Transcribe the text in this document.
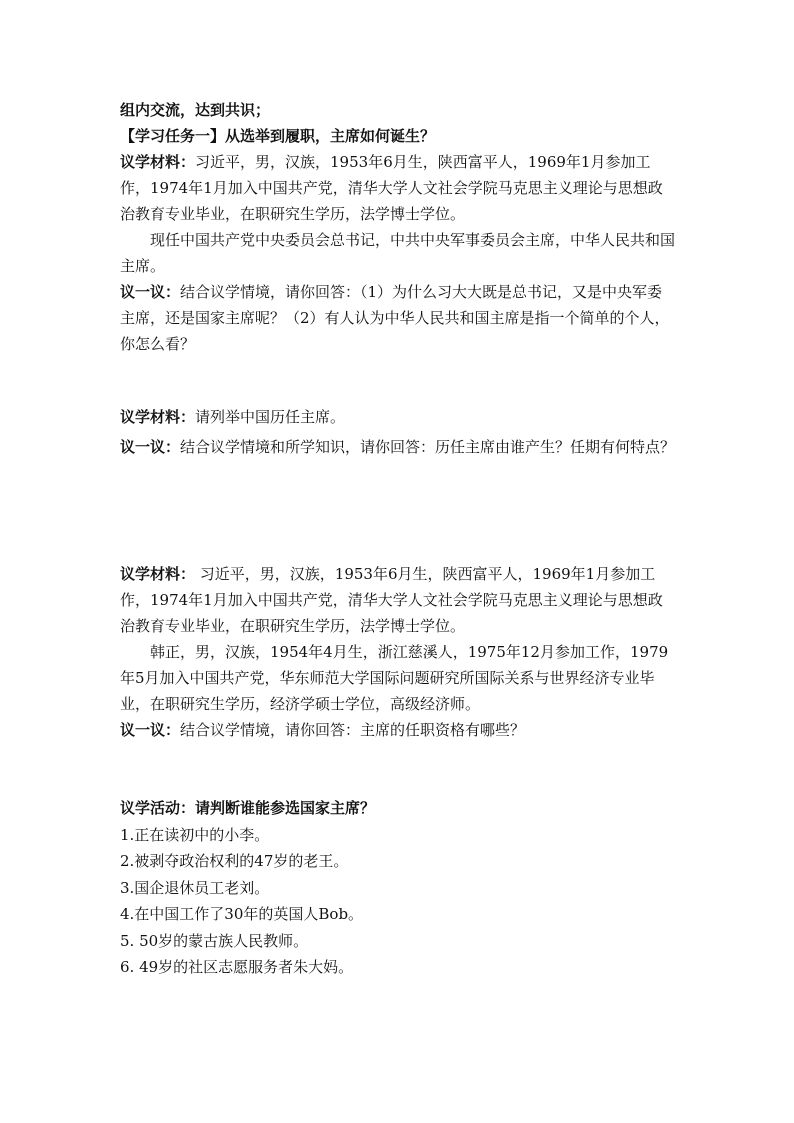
组内交流，达到共识；

【学习任务一】从选举到履职，主席如何诞生？

议学材料：习近平，男，汉族，1953年6月生，陕西富平人，1969年1月参加工作，1974年1月加入中国共产党，清华大学人文社会学院马克思主义理论与思想政治教育专业毕业，在职研究生学历，法学博士学位。

现任中国共产党中央委员会总书记，中共中央军事委员会主席，中华人民共和国主席。

议一议：结合议学情境，请你回答：（1）为什么习大大既是总书记，又是中央军委主席，还是国家主席呢？（2）有人认为中华人民共和国主席是指一个简单的个人，你怎么看？

议学材料：请列举中国历任主席。

议一议：结合议学情境和所学知识，请你回答：历任主席由谁产生？任期有何特点？

议学材料： 习近平，男，汉族，1953年6月生，陕西富平人，1969年1月参加工作，1974年1月加入中国共产党，清华大学人文社会学院马克思主义理论与思想政治教育专业毕业，在职研究生学历，法学博士学位。

韩正，男，汉族，1954年4月生，浙江慈溪人，1975年12月参加工作，1979年5月加入中国共产党，华东师范大学国际问题研究所国际关系与世界经济专业毕业，在职研究生学历，经济学硕士学位，高级经济师。

议一议：结合议学情境，请你回答：主席的任职资格有哪些？

议学活动：请判断谁能参选国家主席？

1.正在读初中的小李。

2.被剥夺政治权利的47岁的老王。

3.国企退休员工老刘。

4.在中国工作了30年的英国人Bob。

5. 50岁的蒙古族人民教师。

6. 49岁的社区志愿服务者朱大妈。
